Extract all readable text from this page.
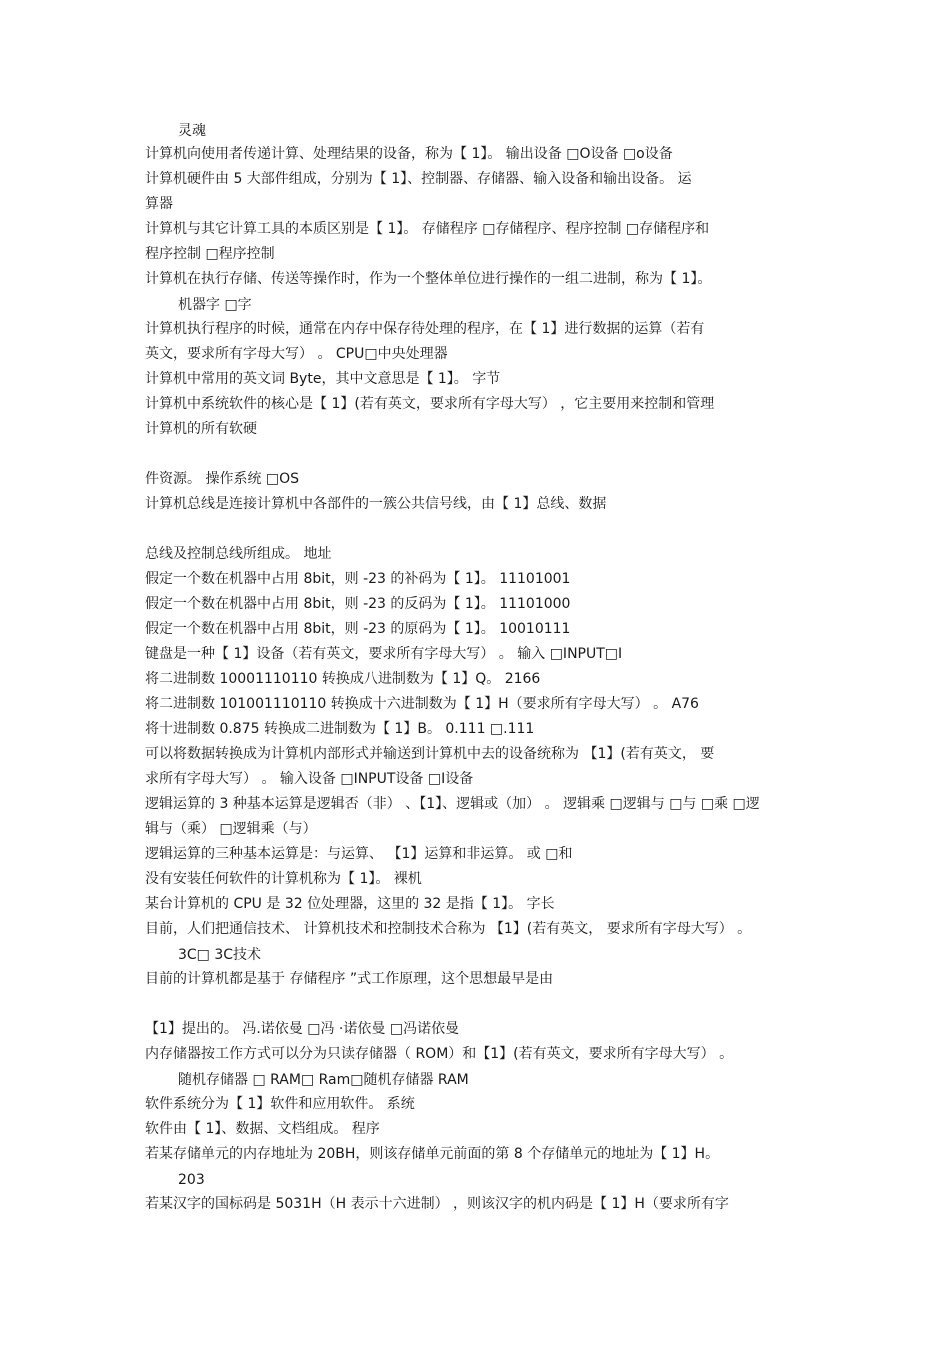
灵魂
计算机向使用者传递计算、处理结果的设备，称为【 1】。 输出设备 □O设备 □o设备
计算机硬件由 5 大部件组成，分别为【 1】、控制器、存储器、输入设备和输出设备。 运
算器
计算机与其它计算工具的本质区别是【 1】。 存储程序 □存储程序、程序控制 □存储程序和
程序控制 □程序控制
计算机在执行存储、传送等操作时，作为一个整体单位进行操作的一组二进制，称为【 1】。
机器字 □字
计算机执行程序的时候，通常在内存中保存待处理的程序，在【 1】进行数据的运算（若有
英文，要求所有字母大写） 。 CPU□中央处理器
计算机中常用的英文词 Byte，其中文意思是【 1】。 字节
计算机中系统软件的核心是【 1】(若有英文，要求所有字母大写） ，它主要用来控制和管理
计算机的所有软硬
件资源。 操作系统 □OS
计算机总线是连接计算机中各部件的一簇公共信号线，由【 1】总线、数据
总线及控制总线所组成。 地址
假定一个数在机器中占用 8bit，则 -23 的补码为【 1】。 11101001
假定一个数在机器中占用 8bit，则 -23 的反码为【 1】。 11101000
假定一个数在机器中占用 8bit，则 -23 的原码为【 1】。 10010111
键盘是一种【 1】设备（若有英文，要求所有字母大写） 。 输入 □INPUT□I
将二进制数 10001110110 转换成八进制数为【 1】Q。 2166
将二进制数 101001110110 转换成十六进制数为【 1】H（要求所有字母大写） 。 A76
将十进制数 0.875 转换成二进制数为【 1】B。 0.111 □.111
可以将数据转换成为计算机内部形式并输送到计算机中去的设备统称为 【1】(若有英文， 要
求所有字母大写） 。 输入设备 □INPUT设备 □I设备
逻辑运算的 3 种基本运算是逻辑否（非） 、【1】、逻辑或（加） 。 逻辑乘 □逻辑与 □与 □乘 □逻
辑与（乘） □逻辑乘（与）
逻辑运算的三种基本运算是：与运算、 【1】运算和非运算。 或 □和
没有安装任何软件的计算机称为【 1】。 裸机
某台计算机的 CPU 是 32 位处理器，这里的 32 是指【 1】。 字长
目前，人们把通信技术、 计算机技术和控制技术合称为 【1】(若有英文， 要求所有字母大写） 。
3C□ 3C技术
目前的计算机都是基于 存储程序 ”式工作原理，这个思想最早是由
【1】提出的。 冯.诺依曼 □冯 ·诺依曼 □冯诺依曼
内存储器按工作方式可以分为只读存储器（ ROM）和【1】(若有英文，要求所有字母大写） 。
随机存储器 □ RAM□ Ram□随机存储器 RAM
软件系统分为【 1】软件和应用软件。 系统
软件由【 1】、数据、文档组成。 程序
若某存储单元的内存地址为 20BH，则该存储单元前面的第 8 个存储单元的地址为【 1】H。
203
若某汉字的国标码是 5031H（H 表示十六进制） ，则该汉字的机内码是【 1】H（要求所有字
